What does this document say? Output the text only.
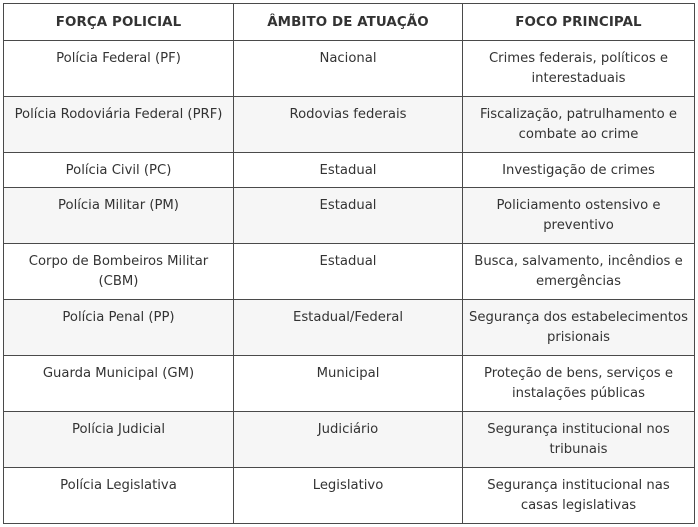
FORÇA POLICIAL	ÂMBITO DE ATUAÇÃO	FOCO PRINCIPAL
Polícia Federal (PF)	Nacional	Crimes federais, políticos e interestaduais
Polícia Rodoviária Federal (PRF)	Rodovias federais	Fiscalização, patrulhamento e combate ao crime
Polícia Civil (PC)	Estadual	Investigação de crimes
Polícia Militar (PM)	Estadual	Policiamento ostensivo e preventivo
Corpo de Bombeiros Militar (CBM)	Estadual	Busca, salvamento, incêndios e emergências
Polícia Penal (PP)	Estadual/Federal	Segurança dos estabelecimentos prisionais
Guarda Municipal (GM)	Municipal	Proteção de bens, serviços e instalações públicas
Polícia Judicial	Judiciário	Segurança institucional nos tribunais
Polícia Legislativa	Legislativo	Segurança institucional nas casas legislativas
